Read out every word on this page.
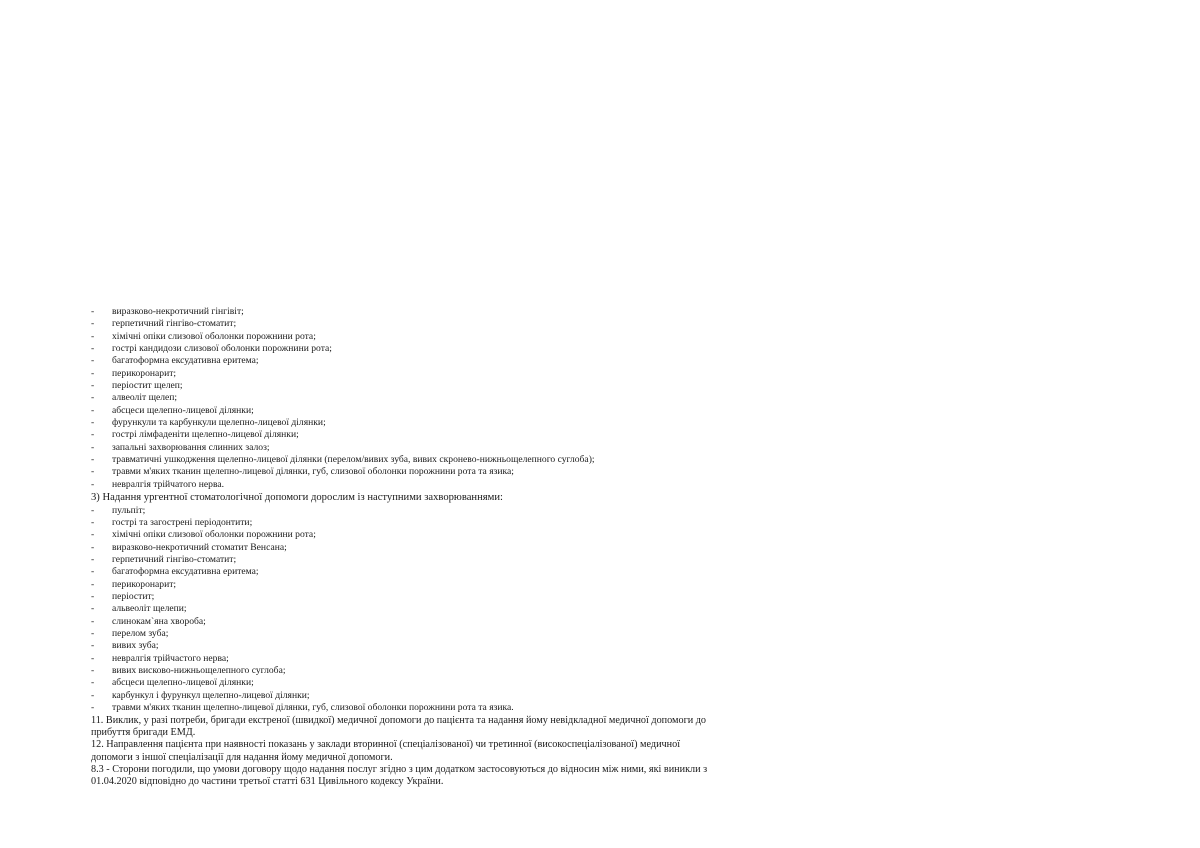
- виразково-некротичний гінгівіт;
- герпетичний гінгіво-стоматит;
- хімічні опіки слизової оболонки порожнини рота;
- гострі кандидози слизової оболонки порожнини рота;
- багатоформна ексудативна еритема;
- перикоронарит;
- періостит щелеп;
- алвеоліт щелеп;
- абсцеси щелепно-лицевої ділянки;
- фурункули та карбункули щелепно-лицевої ділянки;
- гострі лімфаденіти щелепно-лицевої ділянки;
- запальні захворювання слинних залоз;
- травматичні ушкодження щелепно-лицевої ділянки (перелом/вивих зуба, вивих скронево-нижньощелепного суглоба);
- травми м'яких тканин щелепно-лицевої ділянки, губ, слизової оболонки порожнини рота та язика;
- невралгія трійчатого нерва.
3) Надання ургентної стоматологічної допомоги дорослим із наступними захворюваннями:
- пульпіт;
- гострі та загострені періодонтити;
- хімічні опіки слизової оболонки порожнини рота;
- виразково-некротичний стоматит Венсана;
- герпетичний гінгіво-стоматит;
- багатоформна ексудативна еритема;
- перикоронарит;
- періостит;
- альвеоліт щелепи;
- слинокам`яна хвороба;
- перелом зуба;
- вивих зуба;
- невралгія трійчастого нерва;
- вивих висково-нижньощелепного суглоба;
- абсцеси щелепно-лицевої ділянки;
- карбункул і фурункул щелепно-лицевої ділянки;
- травми м'яких тканин щелепно-лицевої ділянки, губ, слизової оболонки порожнини рота та язика.
11. Виклик, у разі потреби, бригади екстреної (швидкої) медичної допомоги до пацієнта та надання йому невідкладної медичної допомоги до
прибуття бригади ЕМД.
12. Направлення пацієнта при наявності показань у заклади вторинної (спеціалізованої) чи третинної (високоспеціалізованої) медичної
допомоги з іншої спеціалізації для надання йому медичної допомоги.
8.3 - Сторони погодили, що умови договору щодо надання послуг згідно з цим додатком застосовуються до відносин між ними, які виникли з
01.04.2020 відповідно до частини третьої статті 631 Цивільного кодексу України.
